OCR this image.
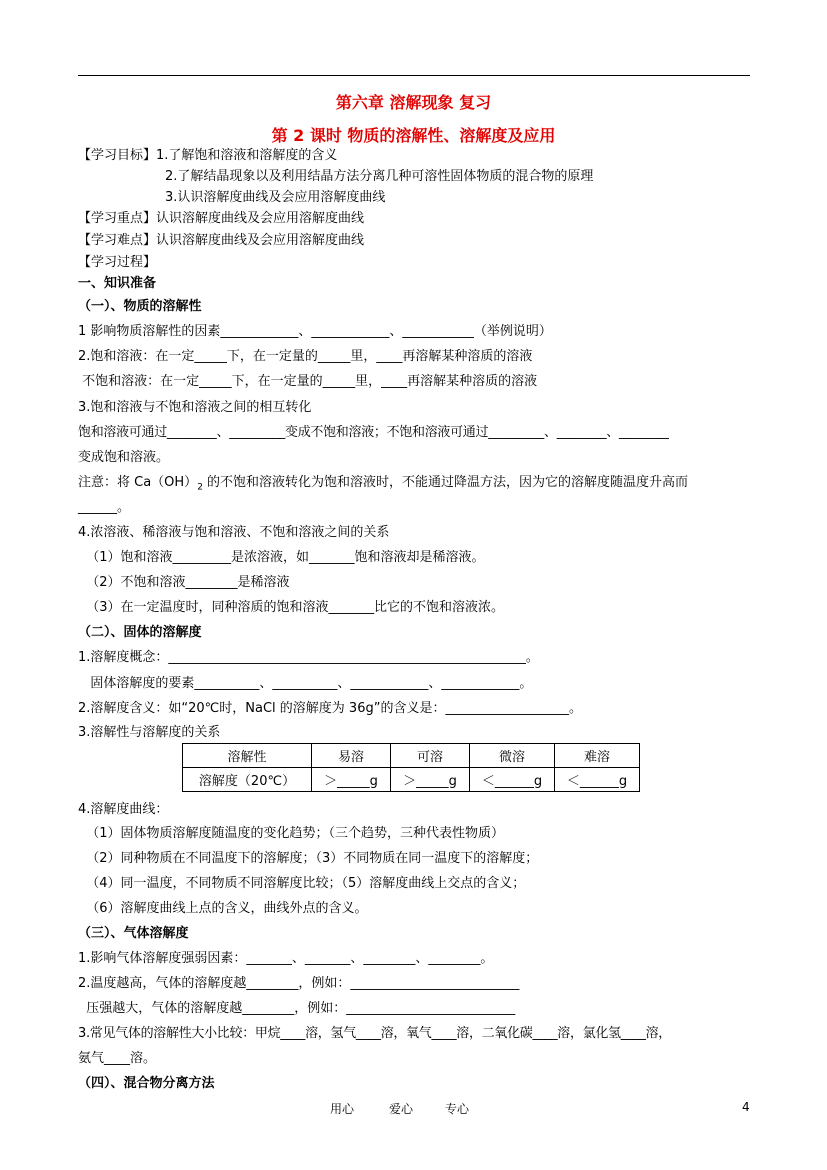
第六章 溶解现象 复习
第 2 课时 物质的溶解性、溶解度及应用
【学习目标】1.了解饱和溶液和溶解度的含义
2.了解结晶现象以及利用结晶方法分离几种可溶性固体物质的混合物的原理
3.认识溶解度曲线及会应用溶解度曲线
【学习重点】认识溶解度曲线及会应用溶解度曲线
【学习难点】认识溶解度曲线及会应用溶解度曲线
【学习过程】
一、知识准备
（一）、物质的溶解性
1 影响物质溶解性的因素____________、____________、___________（举例说明）
2.饱和溶液：在一定_____下，在一定量的_____里，____再溶解某种溶质的溶液
不饱和溶液：在一定_____下，在一定量的_____里，____再溶解某种溶质的溶液
3.饱和溶液与不饱和溶液之间的相互转化
饱和溶液可通过________、_________变成不饱和溶液；不饱和溶液可通过_________、________、________
变成饱和溶液。
注意：将 $Ca(OH)_2$ 的不饱和溶液转化为饱和溶液时，不能通过降温方法，因为它的溶解度随温度升高而
______。
4.浓溶液、稀溶液与饱和溶液、不饱和溶液之间的关系
（1）饱和溶液_________是浓溶液，如_______饱和溶液却是稀溶液。
（2）不饱和溶液________是稀溶液
（3）在一定温度时，同种溶质的饱和溶液_______比它的不饱和溶液浓。
（二）、固体的溶解度
1.溶解度概念：_______________________________________________________。
固体溶解度的要素__________、__________、____________、____________。
2.溶解度含义：如“20℃时，NaCl 的溶解度为 36g”的含义是：___________________。
3.溶解性与溶解度的关系
溶解性	易溶	可溶	微溶	难溶
溶解度（20℃）	＞_____g	＞_____g	＜______g	＜______g
4.溶解度曲线：
（1）固体物质溶解度随温度的变化趋势；（三个趋势，三种代表性物质）
（2）同种物质在不同温度下的溶解度；（3）不同物质在同一温度下的溶解度；
（4）同一温度，不同物质不同溶解度比较；（5）溶解度曲线上交点的含义；
（6）溶解度曲线上点的含义，曲线外点的含义。
（三）、气体溶解度
1.影响气体溶解度强弱因素：_______、_______、________、________。
2.温度越高，气体的溶解度越________，例如：__________________________
压强越大，气体的溶解度越________，例如：__________________________
3.常见气体的溶解性大小比较：甲烷____溶，氢气____溶，氧气____溶，二氧化碳____溶，氯化氢____溶，
氨气____溶。
（四）、混合物分离方法
用心	爱心	专心	4
